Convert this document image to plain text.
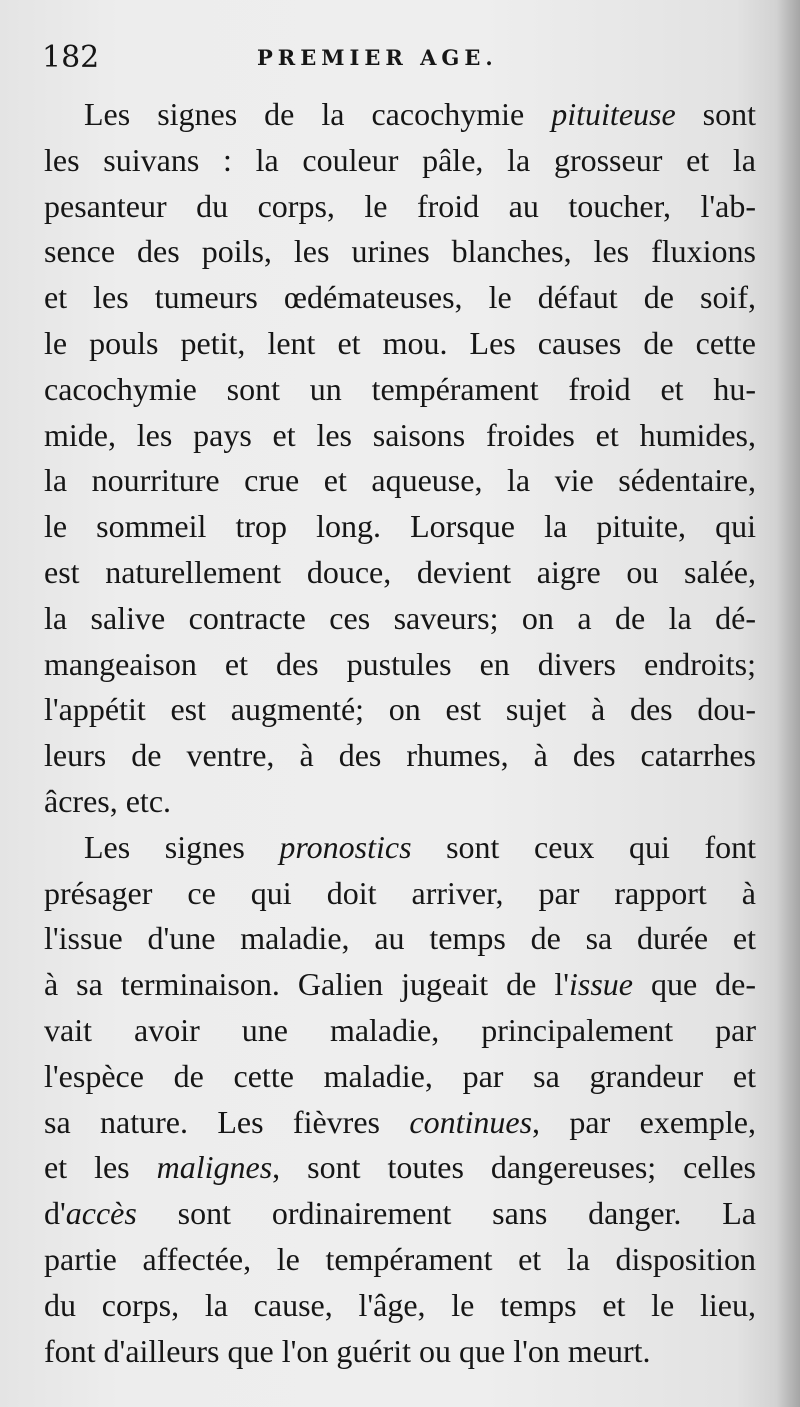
182	PREMIER AGE.
Les signes de la cacochymie pituiteuse sont
les suivans : la couleur pâle, la grosseur et la
pesanteur du corps, le froid au toucher, l'ab-
sence des poils, les urines blanches, les fluxions
et les tumeurs œdémateuses, le défaut de soif,
le pouls petit, lent et mou. Les causes de cette
cacochymie sont un tempérament froid et hu-
mide, les pays et les saisons froides et humides,
la nourriture crue et aqueuse, la vie sédentaire,
le sommeil trop long. Lorsque la pituite, qui
est naturellement douce, devient aigre ou salée,
la salive contracte ces saveurs; on a de la dé-
mangeaison et des pustules en divers endroits;
l'appétit est augmenté; on est sujet à des dou-
leurs de ventre, à des rhumes, à des catarrhes
âcres, etc.
Les signes pronostics sont ceux qui font
présager ce qui doit arriver, par rapport à
l'issue d'une maladie, au temps de sa durée et
à sa terminaison. Galien jugeait de l'issue que de-
vait avoir une maladie, principalement par
l'espèce de cette maladie, par sa grandeur et
sa nature. Les fièvres continues, par exemple,
et les malignes, sont toutes dangereuses; celles
d'accès sont ordinairement sans danger. La
partie affectée, le tempérament et la disposition
du corps, la cause, l'âge, le temps et le lieu,
font d'ailleurs que l'on guérit ou que l'on meurt.
